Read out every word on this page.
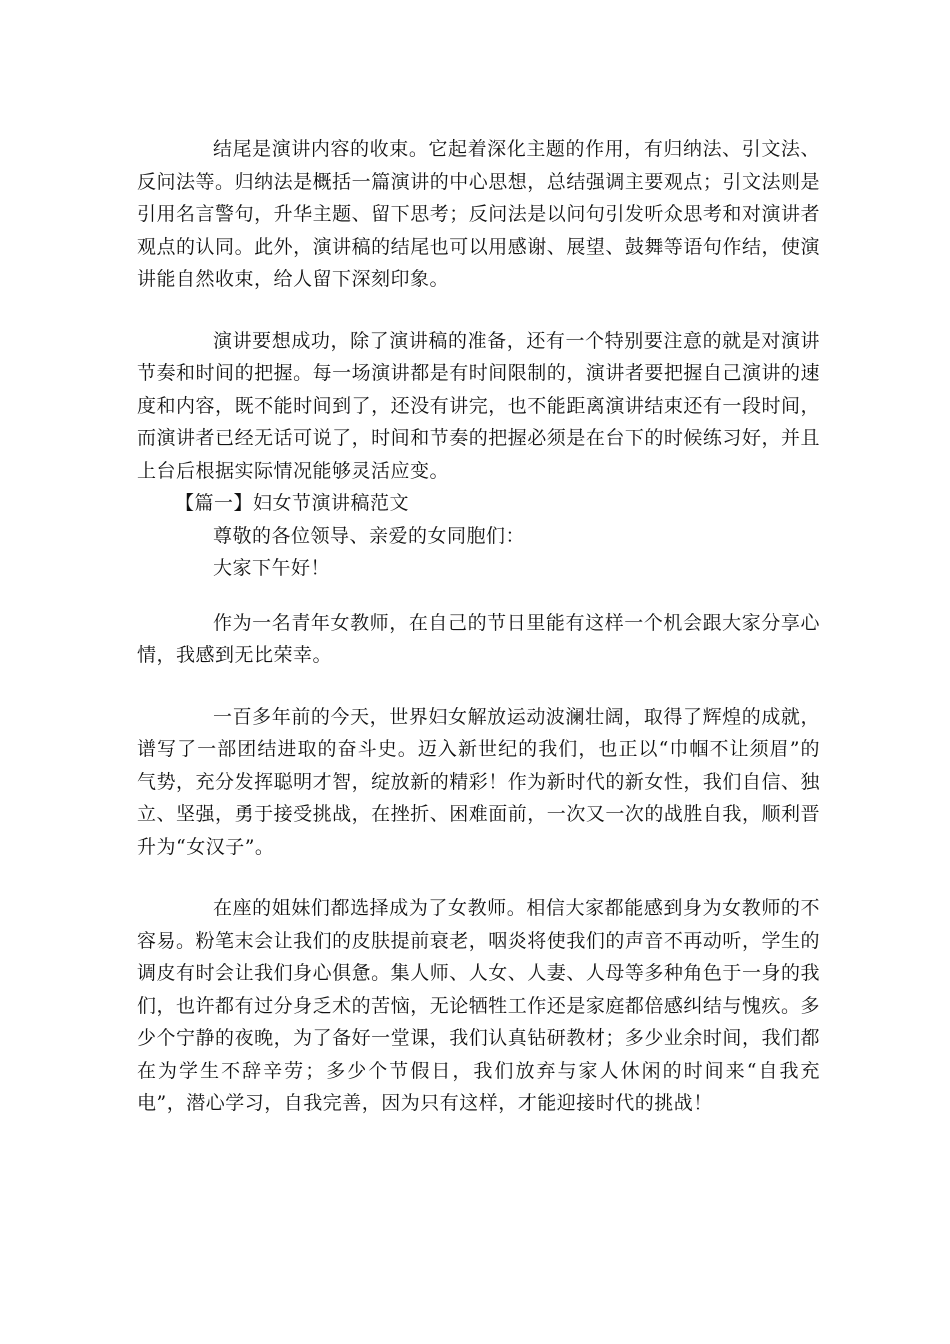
结尾是演讲内容的收束。它起着深化主题的作用，有归纳法、引文法、反问法等。归纳法是概括一篇演讲的中心思想，总结强调主要观点；引文法则是引用名言警句，升华主题、留下思考；反问法是以问句引发听众思考和对演讲者观点的认同。此外，演讲稿的结尾也可以用感谢、展望、鼓舞等语句作结，使演讲能自然收束，给人留下深刻印象。

演讲要想成功，除了演讲稿的准备，还有一个特别要注意的就是对演讲节奏和时间的把握。每一场演讲都是有时间限制的，演讲者要把握自己演讲的速度和内容，既不能时间到了，还没有讲完，也不能距离演讲结束还有一段时间，而演讲者已经无话可说了，时间和节奏的把握必须是在台下的时候练习好，并且上台后根据实际情况能够灵活应变。

【篇一】妇女节演讲稿范文

尊敬的各位领导、亲爱的女同胞们：

大家下午好！

作为一名青年女教师，在自己的节日里能有这样一个机会跟大家分享心情，我感到无比荣幸。

一百多年前的今天，世界妇女解放运动波澜壮阔，取得了辉煌的成就，谱写了一部团结进取的奋斗史。迈入新世纪的我们，也正以“巾帼不让须眉”的气势，充分发挥聪明才智，绽放新的精彩！作为新时代的新女性，我们自信、独立、坚强，勇于接受挑战，在挫折、困难面前，一次又一次的战胜自我，顺利晋升为“女汉子”。

在座的姐妹们都选择成为了女教师。相信大家都能感到身为女教师的不容易。粉笔末会让我们的皮肤提前衰老，咽炎将使我们的声音不再动听，学生的调皮有时会让我们身心俱惫。集人师、人女、人妻、人母等多种角色于一身的我们，也许都有过分身乏术的苦恼，无论牺牲工作还是家庭都倍感纠结与愧疚。多少个宁静的夜晚，为了备好一堂课，我们认真钻研教材；多少业余时间，我们都在为学生不辞辛劳；多少个节假日，我们放弃与家人休闲的时间来“自我充电”，潜心学习，自我完善，因为只有这样，才能迎接时代的挑战！
